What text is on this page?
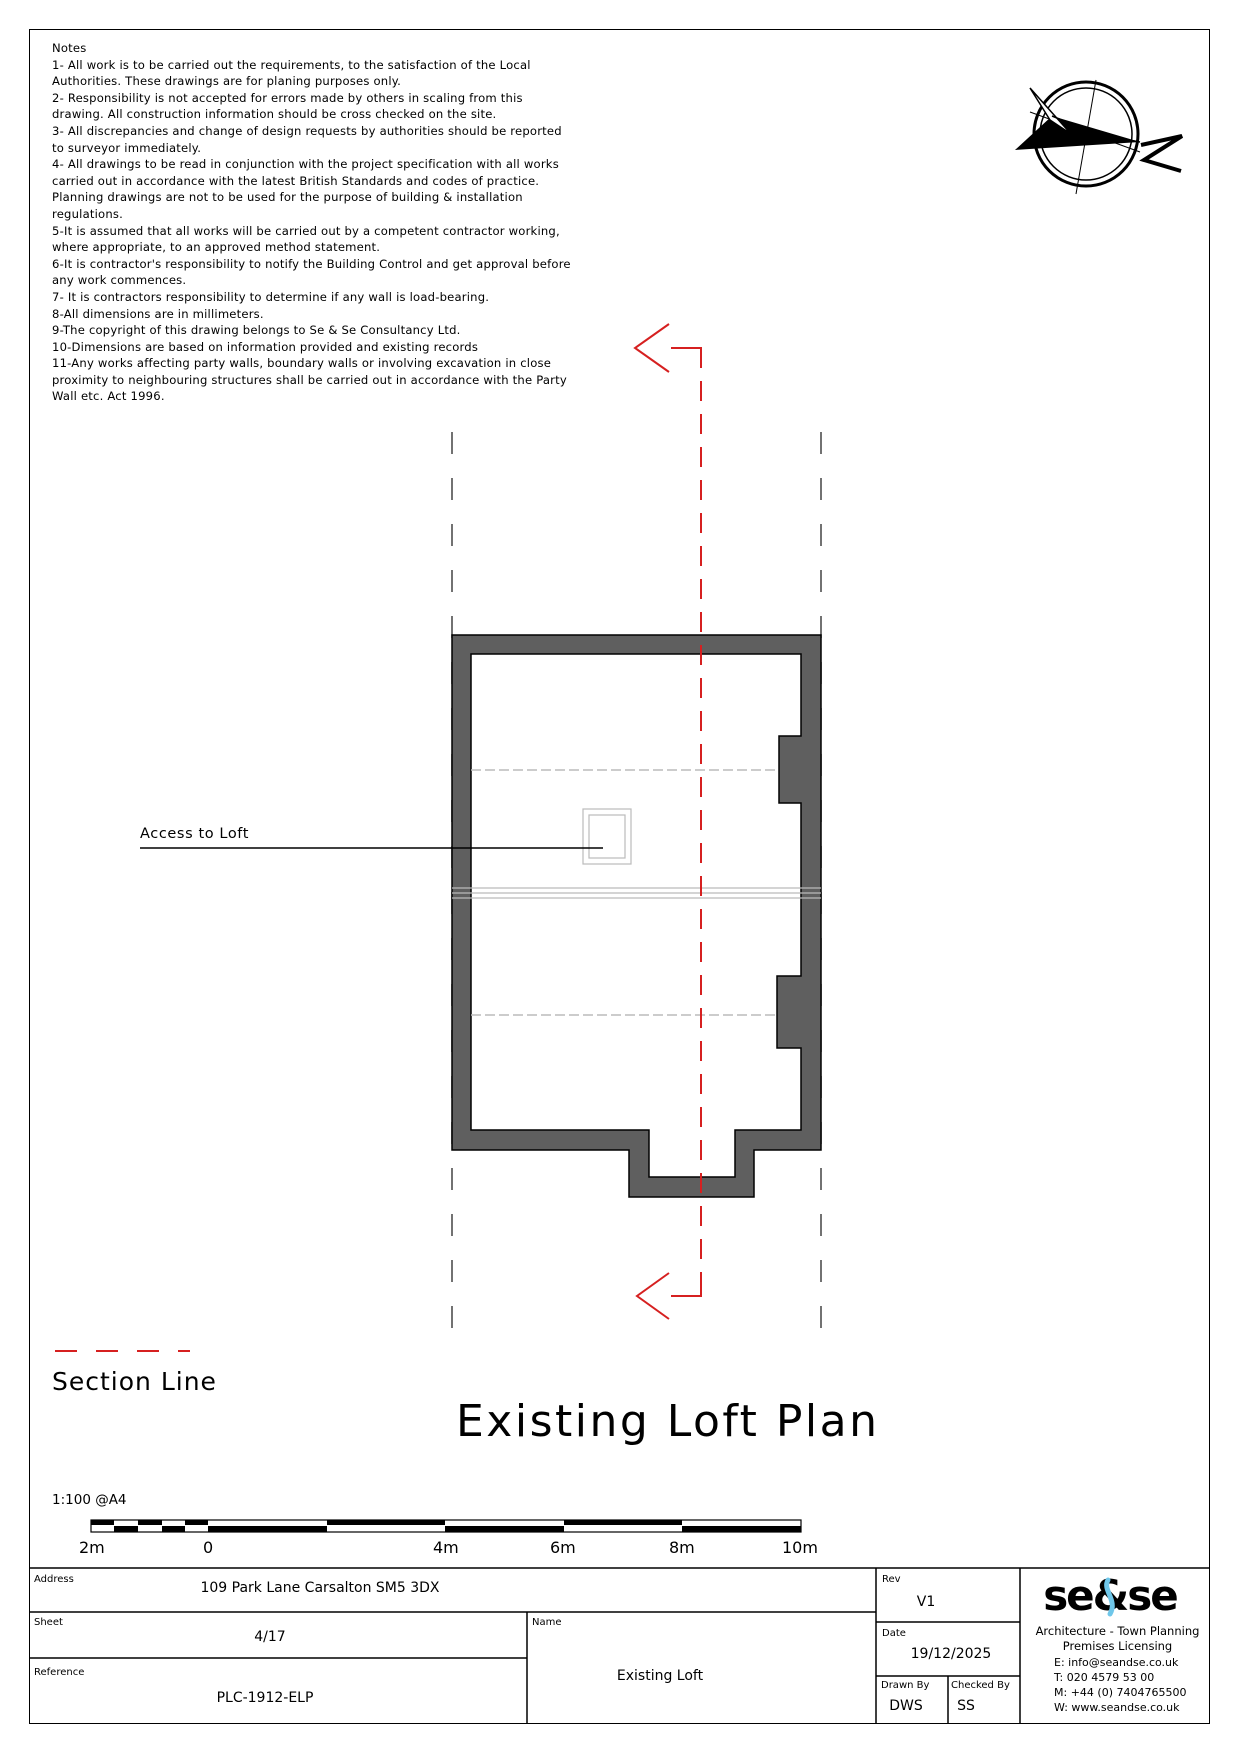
Notes
1- All work is to be carried out the requirements, to the satisfaction of the Local Authorities. These drawings are for planing purposes only.
2- Responsibility is not accepted for errors made by others in scaling from this drawing. All construction information should be cross checked on the site.
3- All discrepancies and change of design requests by authorities should be reported to surveyor immediately.
4- All drawings to be read in conjunction with the project specification with all works carried out in accordance with the latest British Standards and codes of practice. Planning drawings are not to be used for the purpose of building & installation regulations.
5-It is assumed that all works will be carried out by a competent contractor working, where appropriate, to an approved method statement.
6-It is contractor's responsibility to notify the Building Control and get approval before any work commences.
7- It is contractors responsibility to determine if any wall is load-bearing.
8-All dimensions are in millimeters.
9-The copyright of this drawing belongs to Se & Se Consultancy Ltd.
10-Dimensions are based on information provided and existing records
11-Any works affecting party walls, boundary walls or involving excavation in close proximity to neighbouring structures shall be carried out in accordance with the Party Wall etc. Act 1996.
Access to Loft
Section Line
Existing Loft Plan
1:100 @A4
2m	0	4m	6m	8m	10m
Address
109 Park Lane Carsalton SM5 3DX
Sheet
4/17
Reference
PLC-1912-ELP
Name
Existing Loft
Rev
V1
Date
19/12/2025
Drawn By
DWS
Checked By
SS
se&se
Architecture - Town Planning
Premises Licensing
E: info@seandse.co.uk
T: 020 4579 53 00
M: +44 (0) 7404765500
W: www.seandse.co.uk
